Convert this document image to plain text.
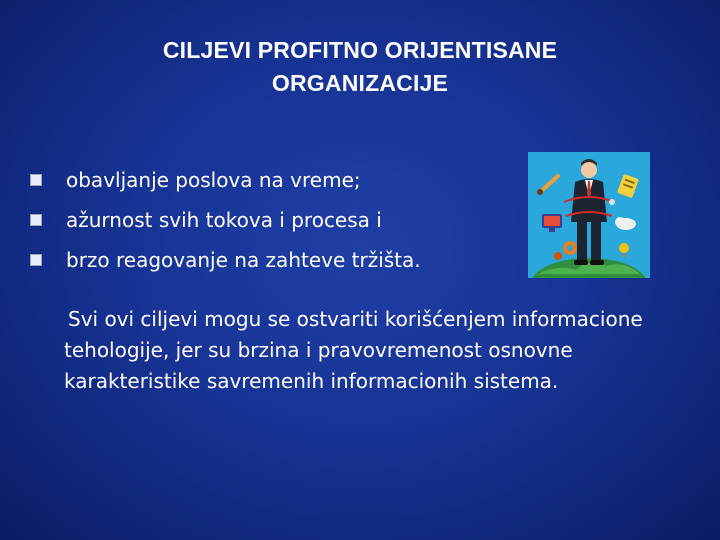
CILJEVI PROFITNO ORIJENTISANE
ORGANIZACIJE
obavljanje poslova na vreme;
ažurnost svih tokova i procesa i
brzo reagovanje na zahteve tržišta.

Svi ovi ciljevi mogu se ostvariti korišćenjem informacione tehologije, jer su brzina i pravovremenost osnovne karakteristike savremenih informacionih sistema.
